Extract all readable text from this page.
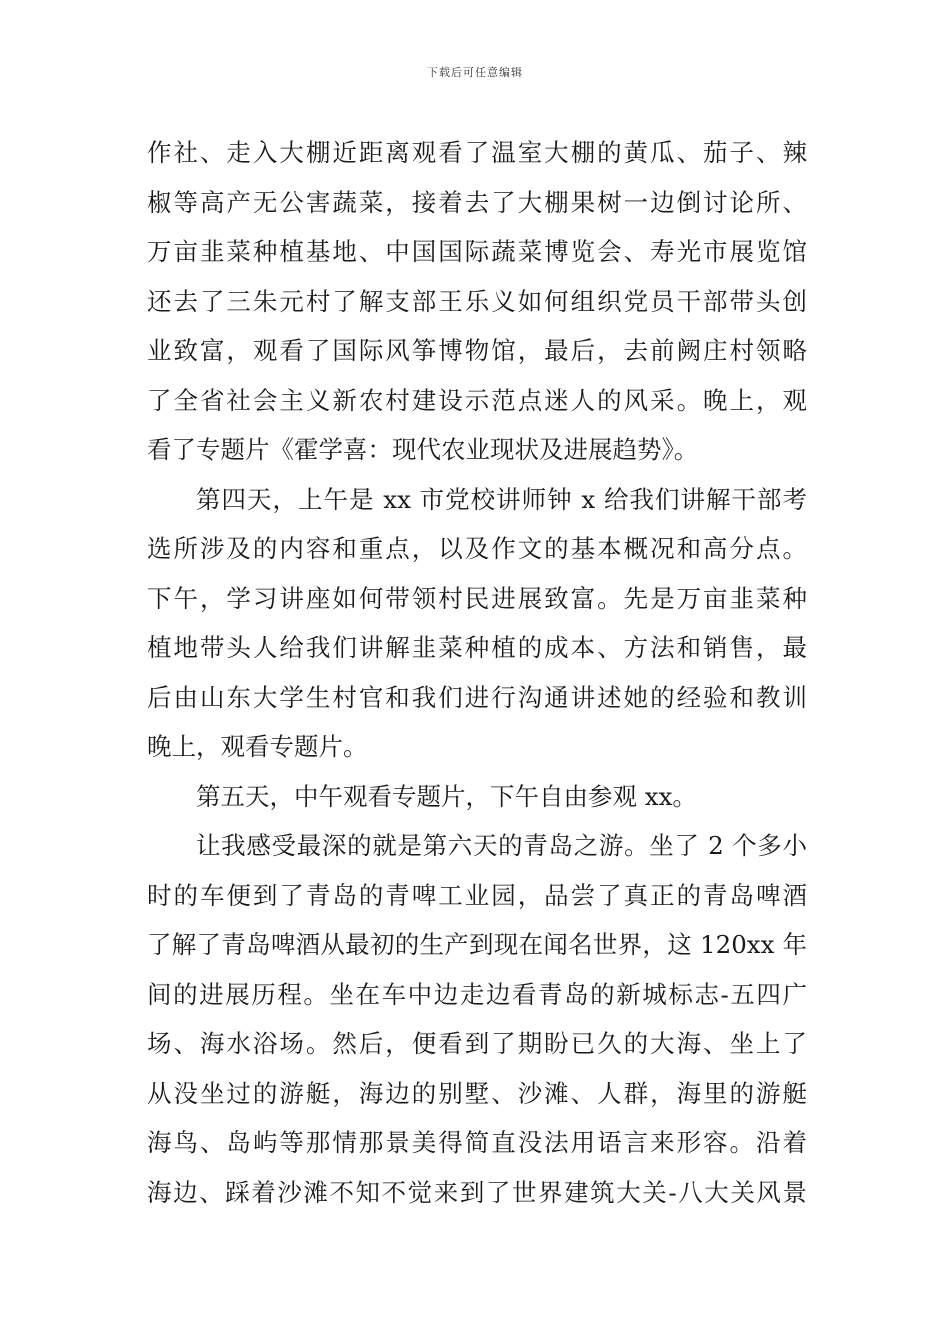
下载后可任意编辑
作社、走入大棚近距离观看了温室大棚的黄瓜、茄子、辣
椒等高产无公害蔬菜，接着去了大棚果树一边倒讨论所、
万亩韭菜种植基地、中国国际蔬菜博览会、寿光市展览馆
还去了三朱元村了解支部王乐义如何组织党员干部带头创
业致富，观看了国际风筝博物馆，最后，去前阙庄村领略
了全省社会主义新农村建设示范点迷人的风采。晚上，观
看了专题片《霍学喜：现代农业现状及进展趋势》。
第四天，上午是 xx 市党校讲师钟 x 给我们讲解干部考
选所涉及的内容和重点，以及作文的基本概况和高分点。
下午，学习讲座如何带领村民进展致富。先是万亩韭菜种
植地带头人给我们讲解韭菜种植的成本、方法和销售，最
后由山东大学生村官和我们进行沟通讲述她的经验和教训
晚上，观看专题片。
第五天，中午观看专题片，下午自由参观 xx。
让我感受最深的就是第六天的青岛之游。坐了 2 个多小
时的车便到了青岛的青啤工业园，品尝了真正的青岛啤酒
了解了青岛啤酒从最初的生产到现在闻名世界，这 120xx 年
间的进展历程。坐在车中边走边看青岛的新城标志-五四广
场、海水浴场。然后，便看到了期盼已久的大海、坐上了
从没坐过的游艇，海边的别墅、沙滩、人群，海里的游艇
海鸟、岛屿等那情那景美得简直没法用语言来形容。沿着
海边、踩着沙滩不知不觉来到了世界建筑大关-八大关风景
